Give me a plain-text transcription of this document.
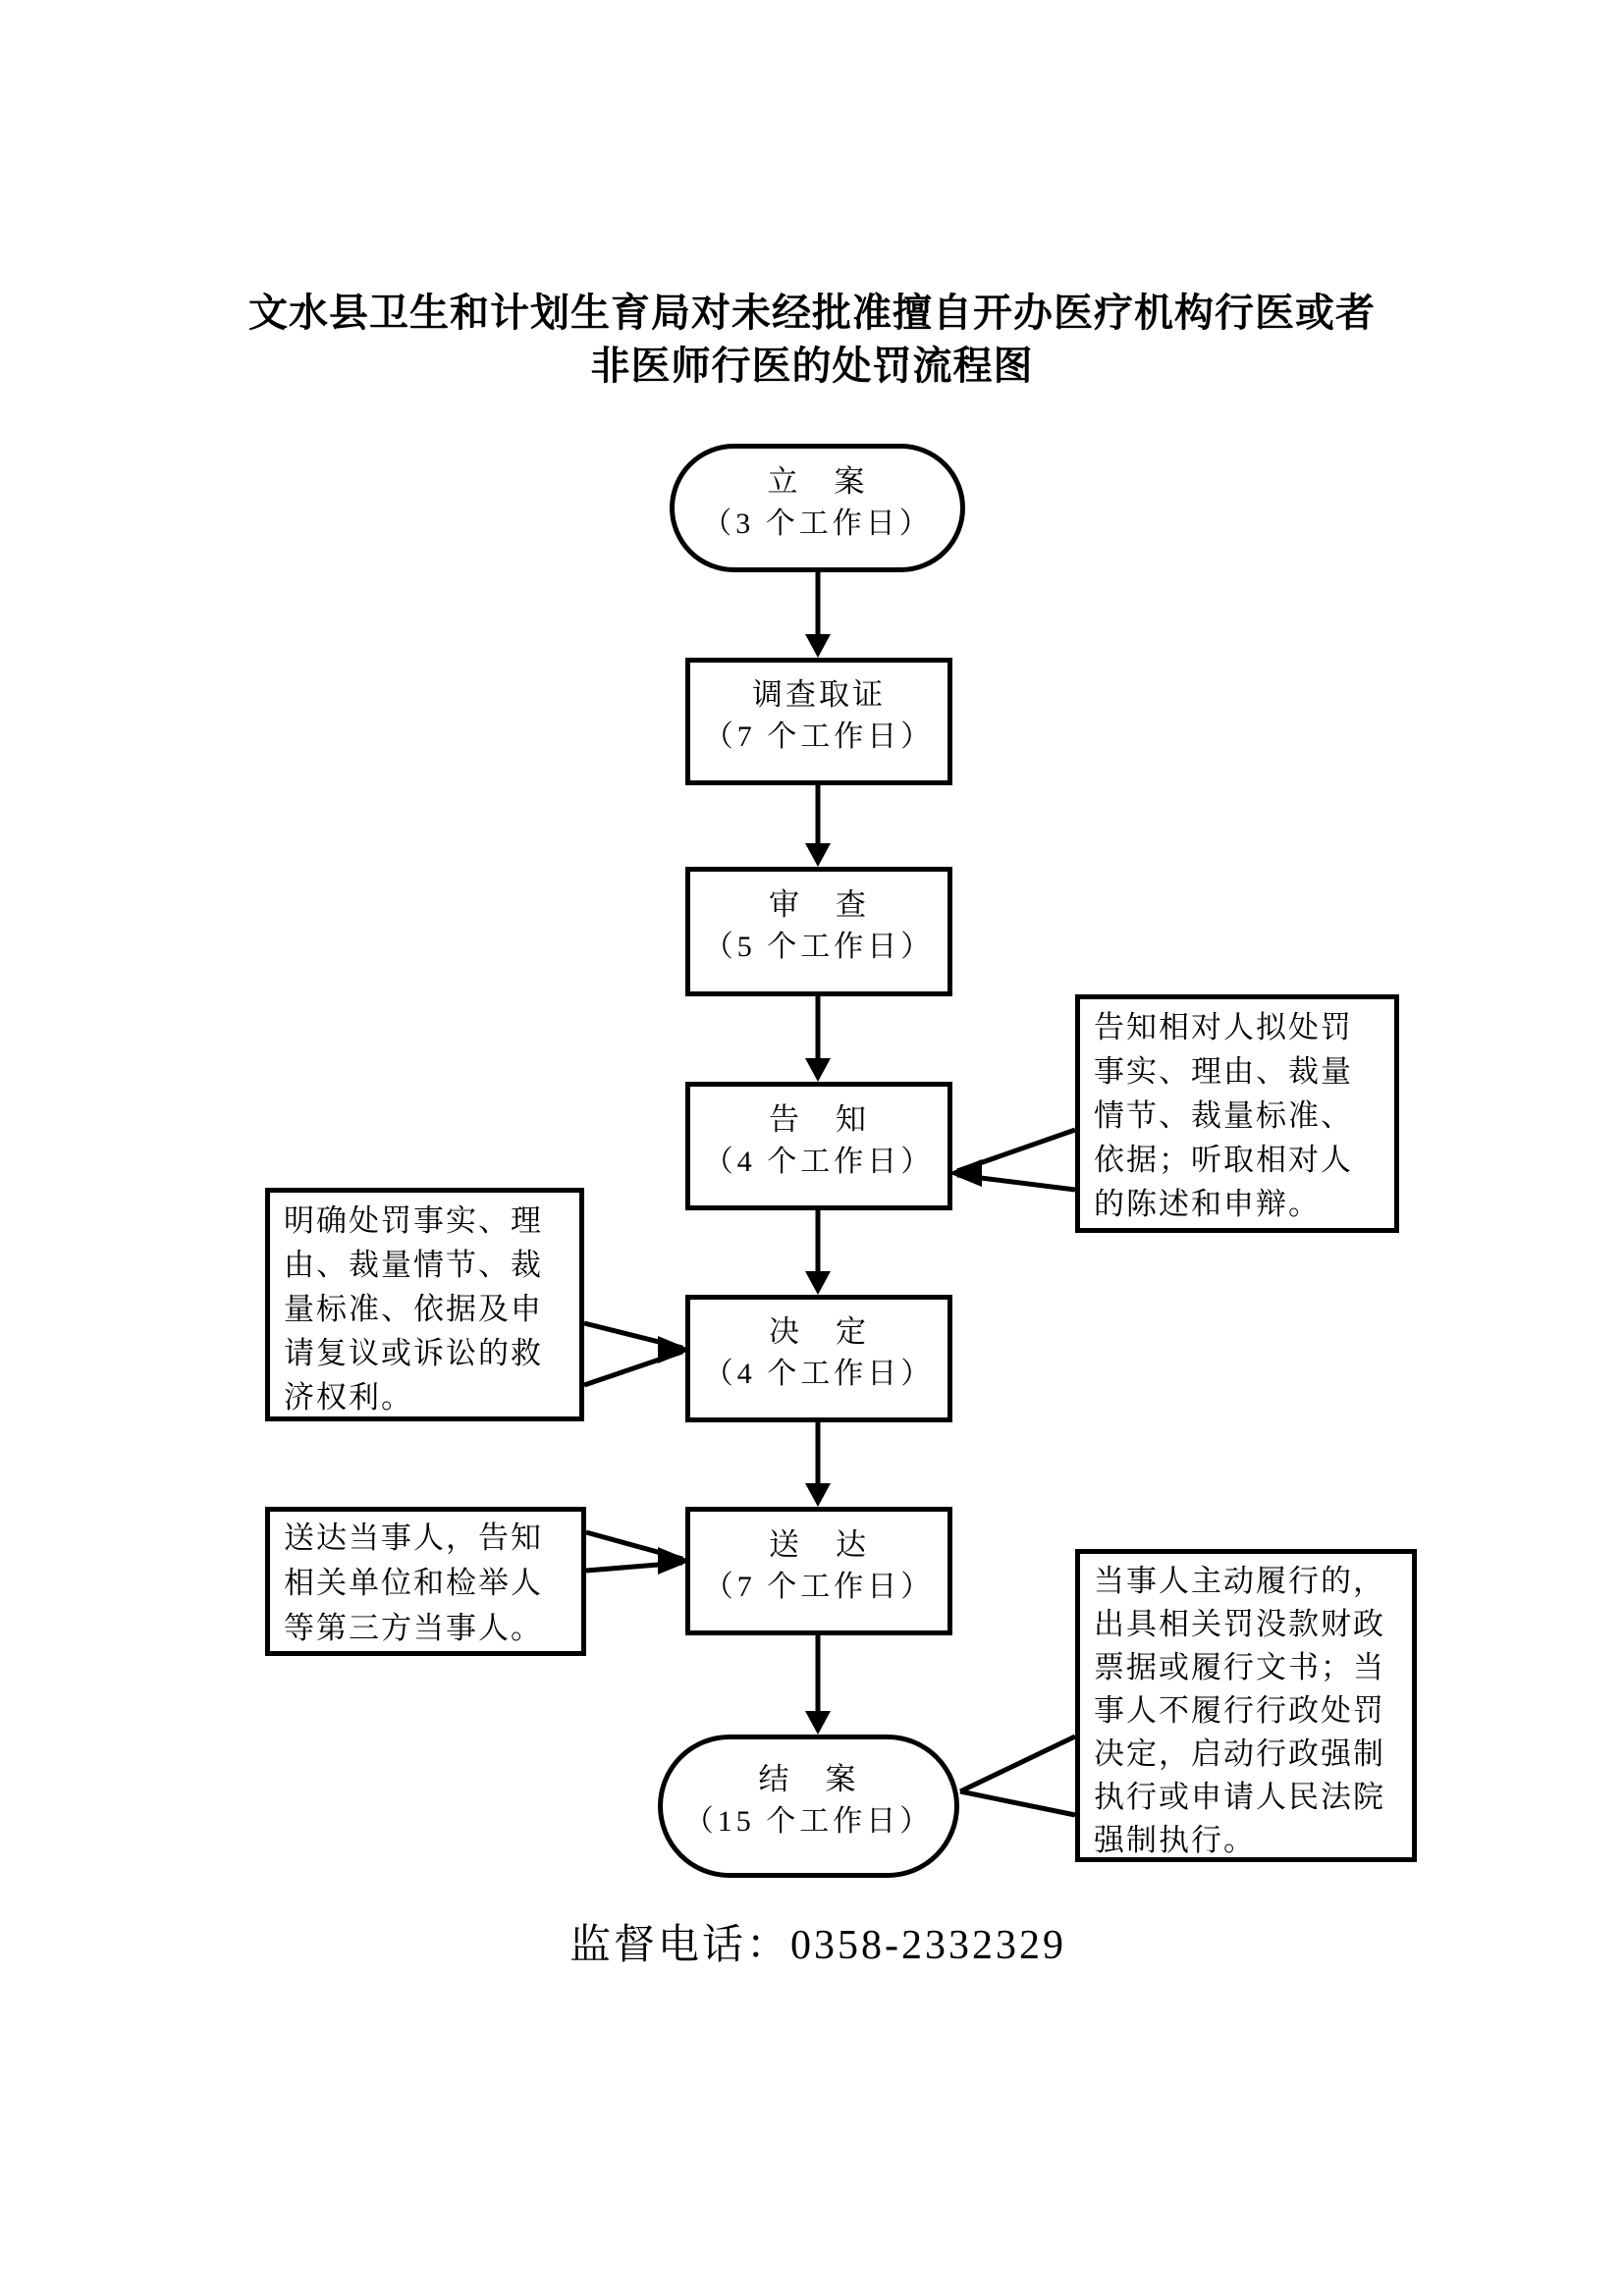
文水县卫生和计划生育局对未经批准擅自开办医疗机构行医或者
非医师行医的处罚流程图
立　案
（3 个工作日）
调查取证
（7 个工作日）
审　查
（5 个工作日）
告　知
（4 个工作日）
决　定
（4 个工作日）
送　达
（7 个工作日）
结　案
（15 个工作日）
告知相对人拟处罚
事实、理由、裁量
情节、裁量标准、
依据；听取相对人
的陈述和申辩。
明确处罚事实、理
由、裁量情节、裁
量标准、依据及申
请复议或诉讼的救
济权利。
送达当事人，告知
相关单位和检举人
等第三方当事人。
当事人主动履行的，
出具相关罚没款财政
票据或履行文书；当
事人不履行行政处罚
决定，启动行政强制
执行或申请人民法院
强制执行。
监督电话：0358-2332329
